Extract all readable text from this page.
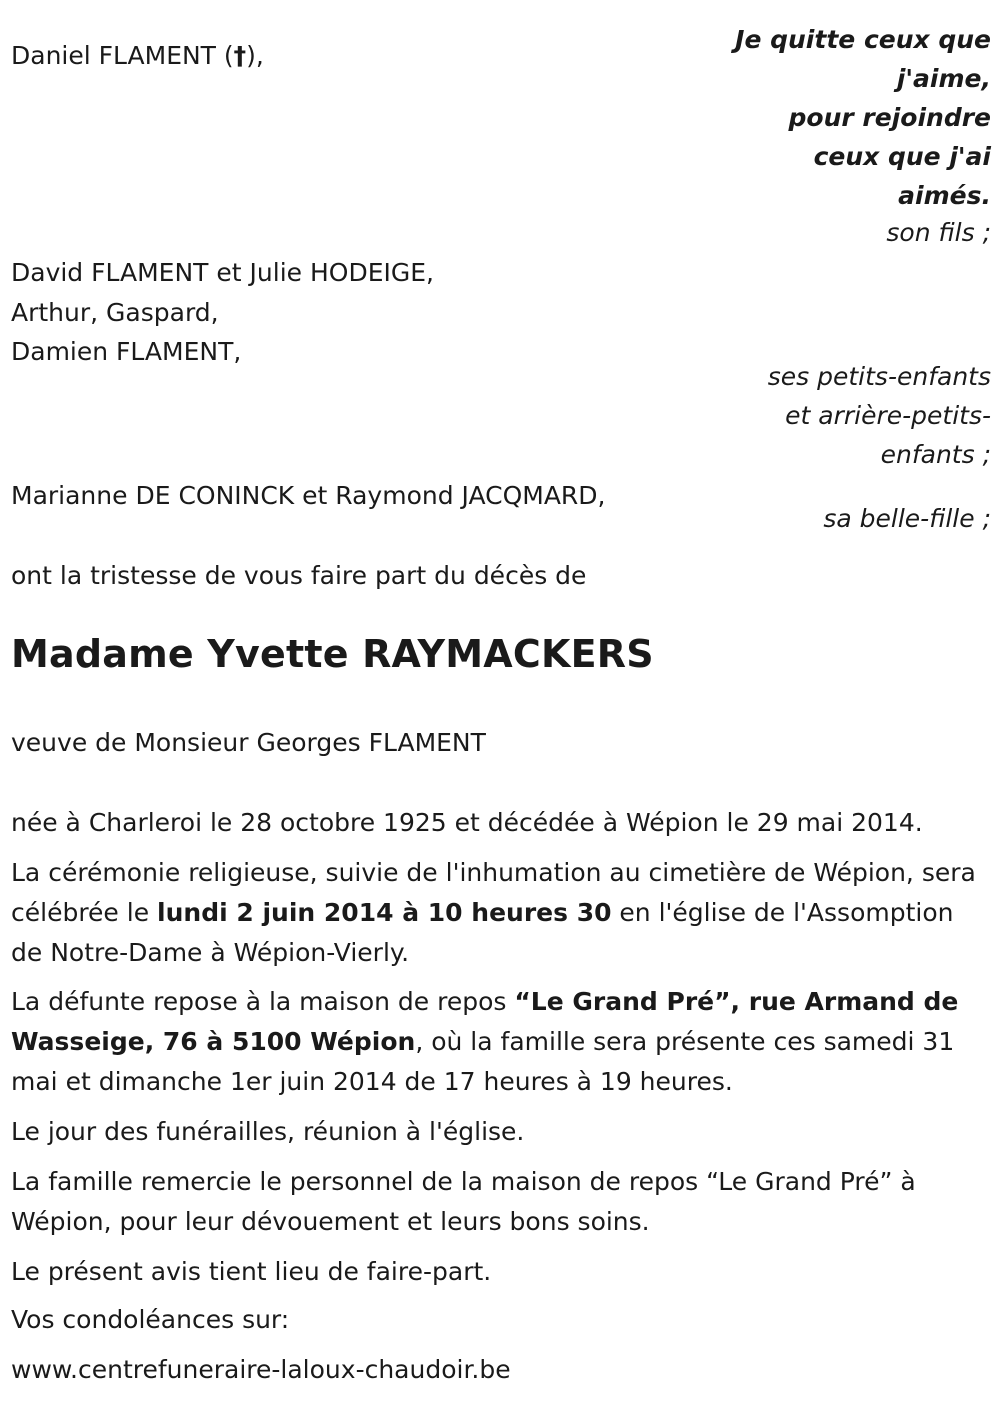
Daniel FLAMENT (†),
Je quitte ceux que
j'aime,
pour rejoindre
ceux que j'ai
aimés.
son fils ;
David FLAMENT et Julie HODEIGE,
Arthur, Gaspard,
Damien FLAMENT,
ses petits-enfants
et arrière-petits-
enfants ;
Marianne DE CONINCK et Raymond JACQMARD,
sa belle-fille ;
ont la tristesse de vous faire part du décès de
Madame Yvette RAYMACKERS
veuve de Monsieur Georges FLAMENT
née à Charleroi le 28 octobre 1925 et décédée à Wépion le 29 mai 2014.
La cérémonie religieuse, suivie de l'inhumation au cimetière de Wépion, sera célébrée le lundi 2 juin 2014 à 10 heures 30 en l'église de l'Assomption de Notre-Dame à Wépion-Vierly.
La défunte repose à la maison de repos “Le Grand Pré”, rue Armand de Wasseige, 76 à 5100 Wépion, où la famille sera présente ces samedi 31 mai et dimanche 1er juin 2014 de 17 heures à 19 heures.
Le jour des funérailles, réunion à l'église.
La famille remercie le personnel de la maison de repos “Le Grand Pré” à Wépion, pour leur dévouement et leurs bons soins.
Le présent avis tient lieu de faire-part.
Vos condoléances sur:
www.centrefuneraire-laloux-chaudoir.be
